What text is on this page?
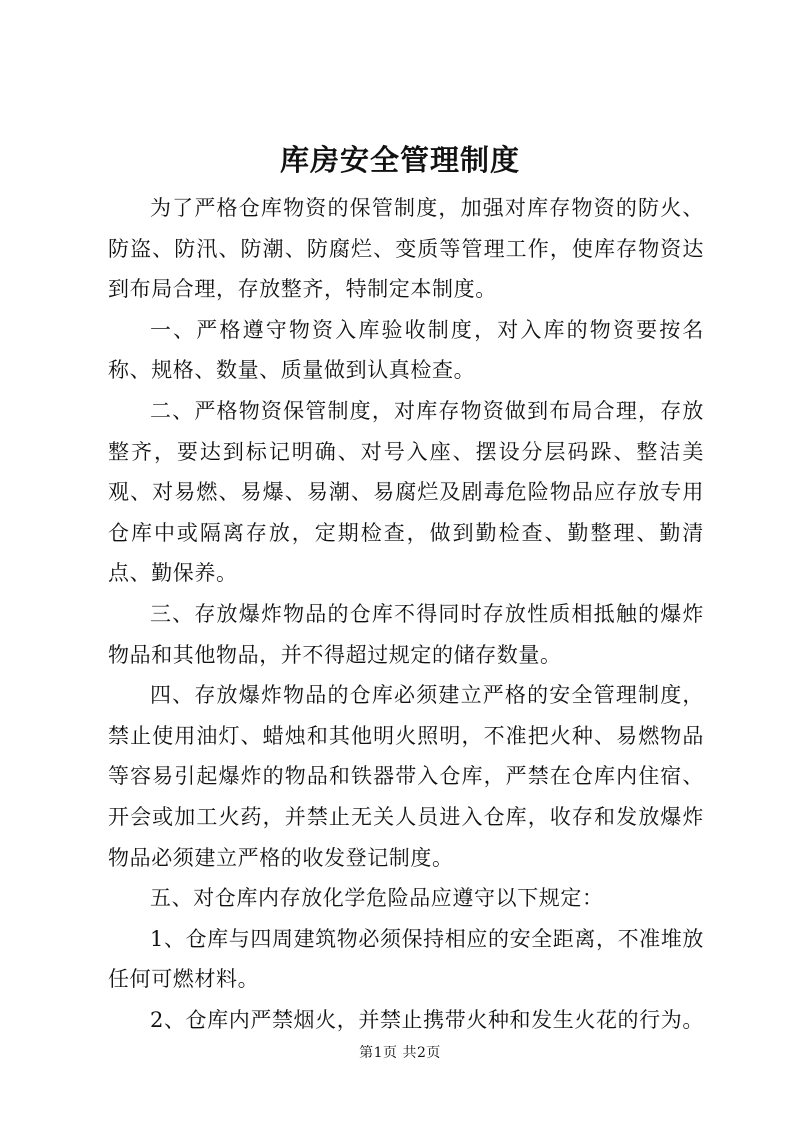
库房安全管理制度

为了严格仓库物资的保管制度，加强对库存物资的防火、防盗、防汛、防潮、防腐烂、变质等管理工作，使库存物资达到布局合理，存放整齐，特制定本制度。

一、严格遵守物资入库验收制度，对入库的物资要按名称、规格、数量、质量做到认真检查。

二、严格物资保管制度，对库存物资做到布局合理，存放整齐，要达到标记明确、对号入座、摆设分层码跺、整洁美观、对易燃、易爆、易潮、易腐烂及剧毒危险物品应存放专用仓库中或隔离存放，定期检查，做到勤检查、勤整理、勤清点、勤保养。

三、存放爆炸物品的仓库不得同时存放性质相抵触的爆炸物品和其他物品，并不得超过规定的储存数量。

四、存放爆炸物品的仓库必须建立严格的安全管理制度，禁止使用油灯、蜡烛和其他明火照明，不准把火种、易燃物品等容易引起爆炸的物品和铁器带入仓库，严禁在仓库内住宿、开会或加工火药，并禁止无关人员进入仓库，收存和发放爆炸物品必须建立严格的收发登记制度。

五、对仓库内存放化学危险品应遵守以下规定：

1、仓库与四周建筑物必须保持相应的安全距离，不准堆放任何可燃材料。

2、仓库内严禁烟火，并禁止携带火种和发生火花的行为。

第1页 共2页
